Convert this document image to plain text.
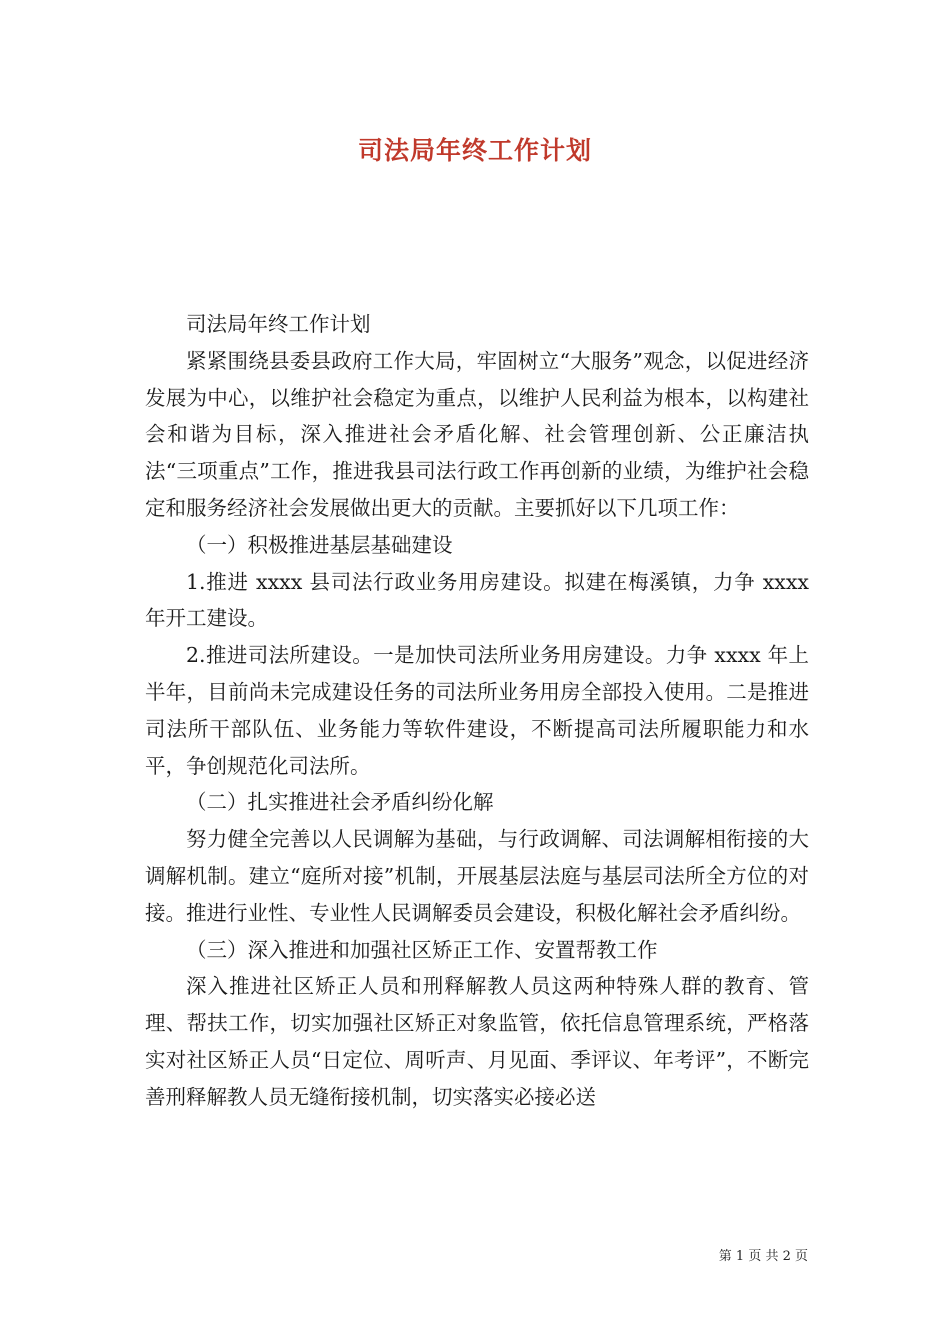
司法局年终工作计划

司法局年终工作计划

紧紧围绕县委县政府工作大局，牢固树立“大服务”观念，以促进经济发展为中心，以维护社会稳定为重点，以维护人民利益为根本，以构建社会和谐为目标，深入推进社会矛盾化解、社会管理创新、公正廉洁执法“三项重点”工作，推进我县司法行政工作再创新的业绩，为维护社会稳定和服务经济社会发展做出更大的贡献。主要抓好以下几项工作：

（一）积极推进基层基础建设

1.推进 xxxx 县司法行政业务用房建设。拟建在梅溪镇，力争 xxxx 年开工建设。

2.推进司法所建设。一是加快司法所业务用房建设。力争 xxxx 年上半年，目前尚未完成建设任务的司法所业务用房全部投入使用。二是推进司法所干部队伍、业务能力等软件建设，不断提高司法所履职能力和水平，争创规范化司法所。

（二）扎实推进社会矛盾纠纷化解

努力健全完善以人民调解为基础，与行政调解、司法调解相衔接的大调解机制。建立“庭所对接”机制，开展基层法庭与基层司法所全方位的对接。推进行业性、专业性人民调解委员会建设，积极化解社会矛盾纠纷。

（三）深入推进和加强社区矫正工作、安置帮教工作

深入推进社区矫正人员和刑释解教人员这两种特殊人群的教育、管理、帮扶工作，切实加强社区矫正对象监管，依托信息管理系统，严格落实对社区矫正人员“日定位、周听声、月见面、季评议、年考评”，不断完善刑释解教人员无缝衔接机制，切实落实必接必送

第 1 页 共 2 页
